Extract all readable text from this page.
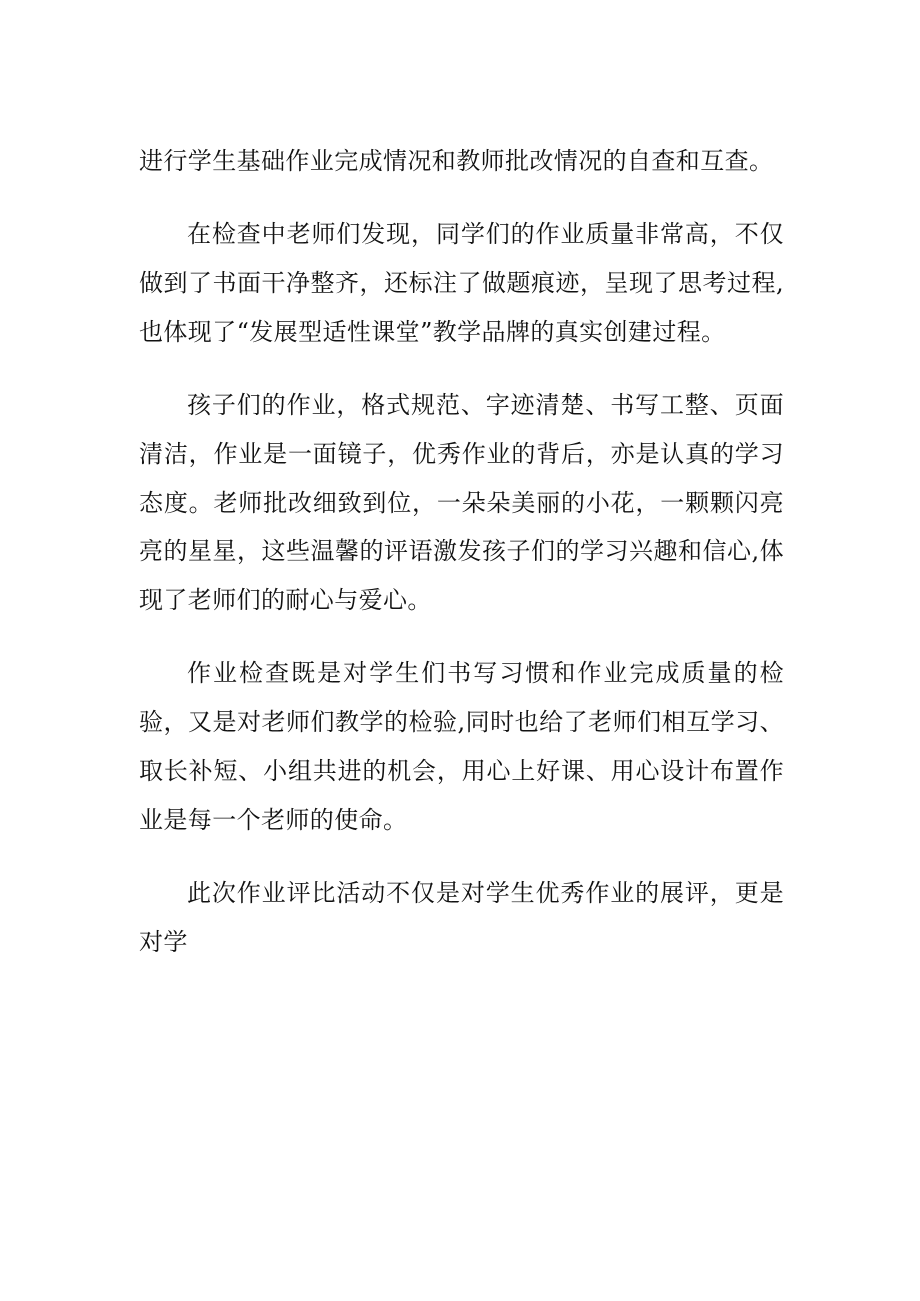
进行学生基础作业完成情况和教师批改情况的自查和互查。

在检查中老师们发现，同学们的作业质量非常高，不仅做到了书面干净整齐，还标注了做题痕迹，呈现了思考过程,也体现了“发展型适性课堂”教学品牌的真实创建过程。

孩子们的作业，格式规范、字迹清楚、书写工整、页面清洁，作业是一面镜子，优秀作业的背后，亦是认真的学习态度。老师批改细致到位，一朵朵美丽的小花，一颗颗闪亮亮的星星，这些温馨的评语激发孩子们的学习兴趣和信心,体现了老师们的耐心与爱心。

作业检查既是对学生们书写习惯和作业完成质量的检验，又是对老师们教学的检验,同时也给了老师们相互学习、取长补短、小组共进的机会，用心上好课、用心设计布置作业是每一个老师的使命。

此次作业评比活动不仅是对学生优秀作业的展评，更是对学
